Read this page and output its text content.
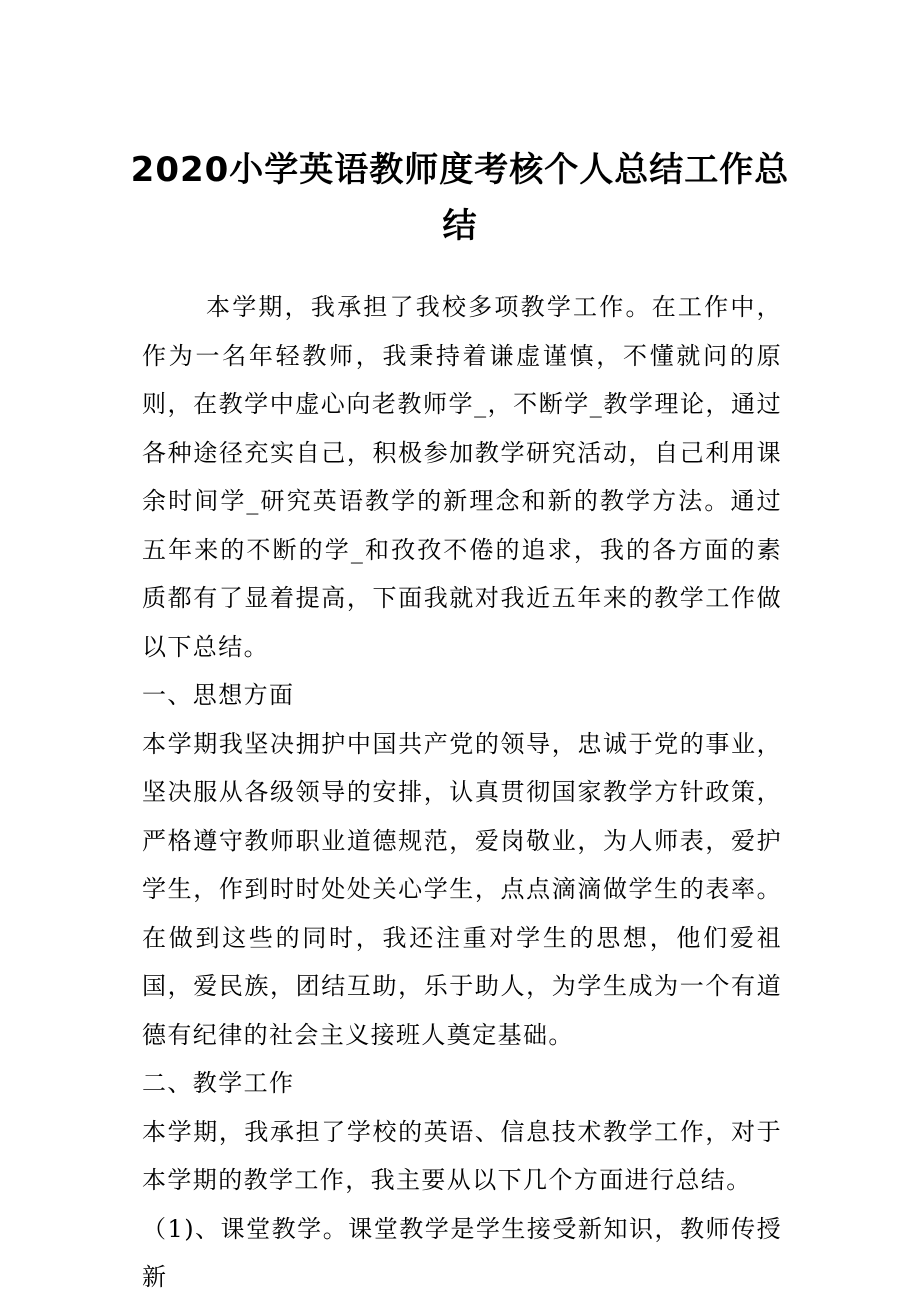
2020小学英语教师度考核个人总结工作总结

本学期，我承担了我校多项教学工作。在工作中，作为一名年轻教师，我秉持着谦虚谨慎，不懂就问的原则，在教学中虚心向老教师学_，不断学_教学理论，通过各种途径充实自己，积极参加教学研究活动，自己利用课余时间学_研究英语教学的新理念和新的教学方法。通过五年来的不断的学_和孜孜不倦的追求，我的各方面的素质都有了显着提高，下面我就对我近五年来的教学工作做以下总结。

一、思想方面

本学期我坚决拥护中国共产党的领导，忠诚于党的事业，坚决服从各级领导的安排，认真贯彻国家教学方针政策，严格遵守教师职业道德规范，爱岗敬业，为人师表，爱护学生，作到时时处处关心学生，点点滴滴做学生的表率。在做到这些的同时，我还注重对学生的思想，他们爱祖国，爱民族，团结互助，乐于助人，为学生成为一个有道德有纪律的社会主义接班人奠定基础。

二、教学工作

本学期，我承担了学校的英语、信息技术教学工作，对于本学期的教学工作，我主要从以下几个方面进行总结。

（1)、课堂教学。课堂教学是学生接受新知识，教师传授新
